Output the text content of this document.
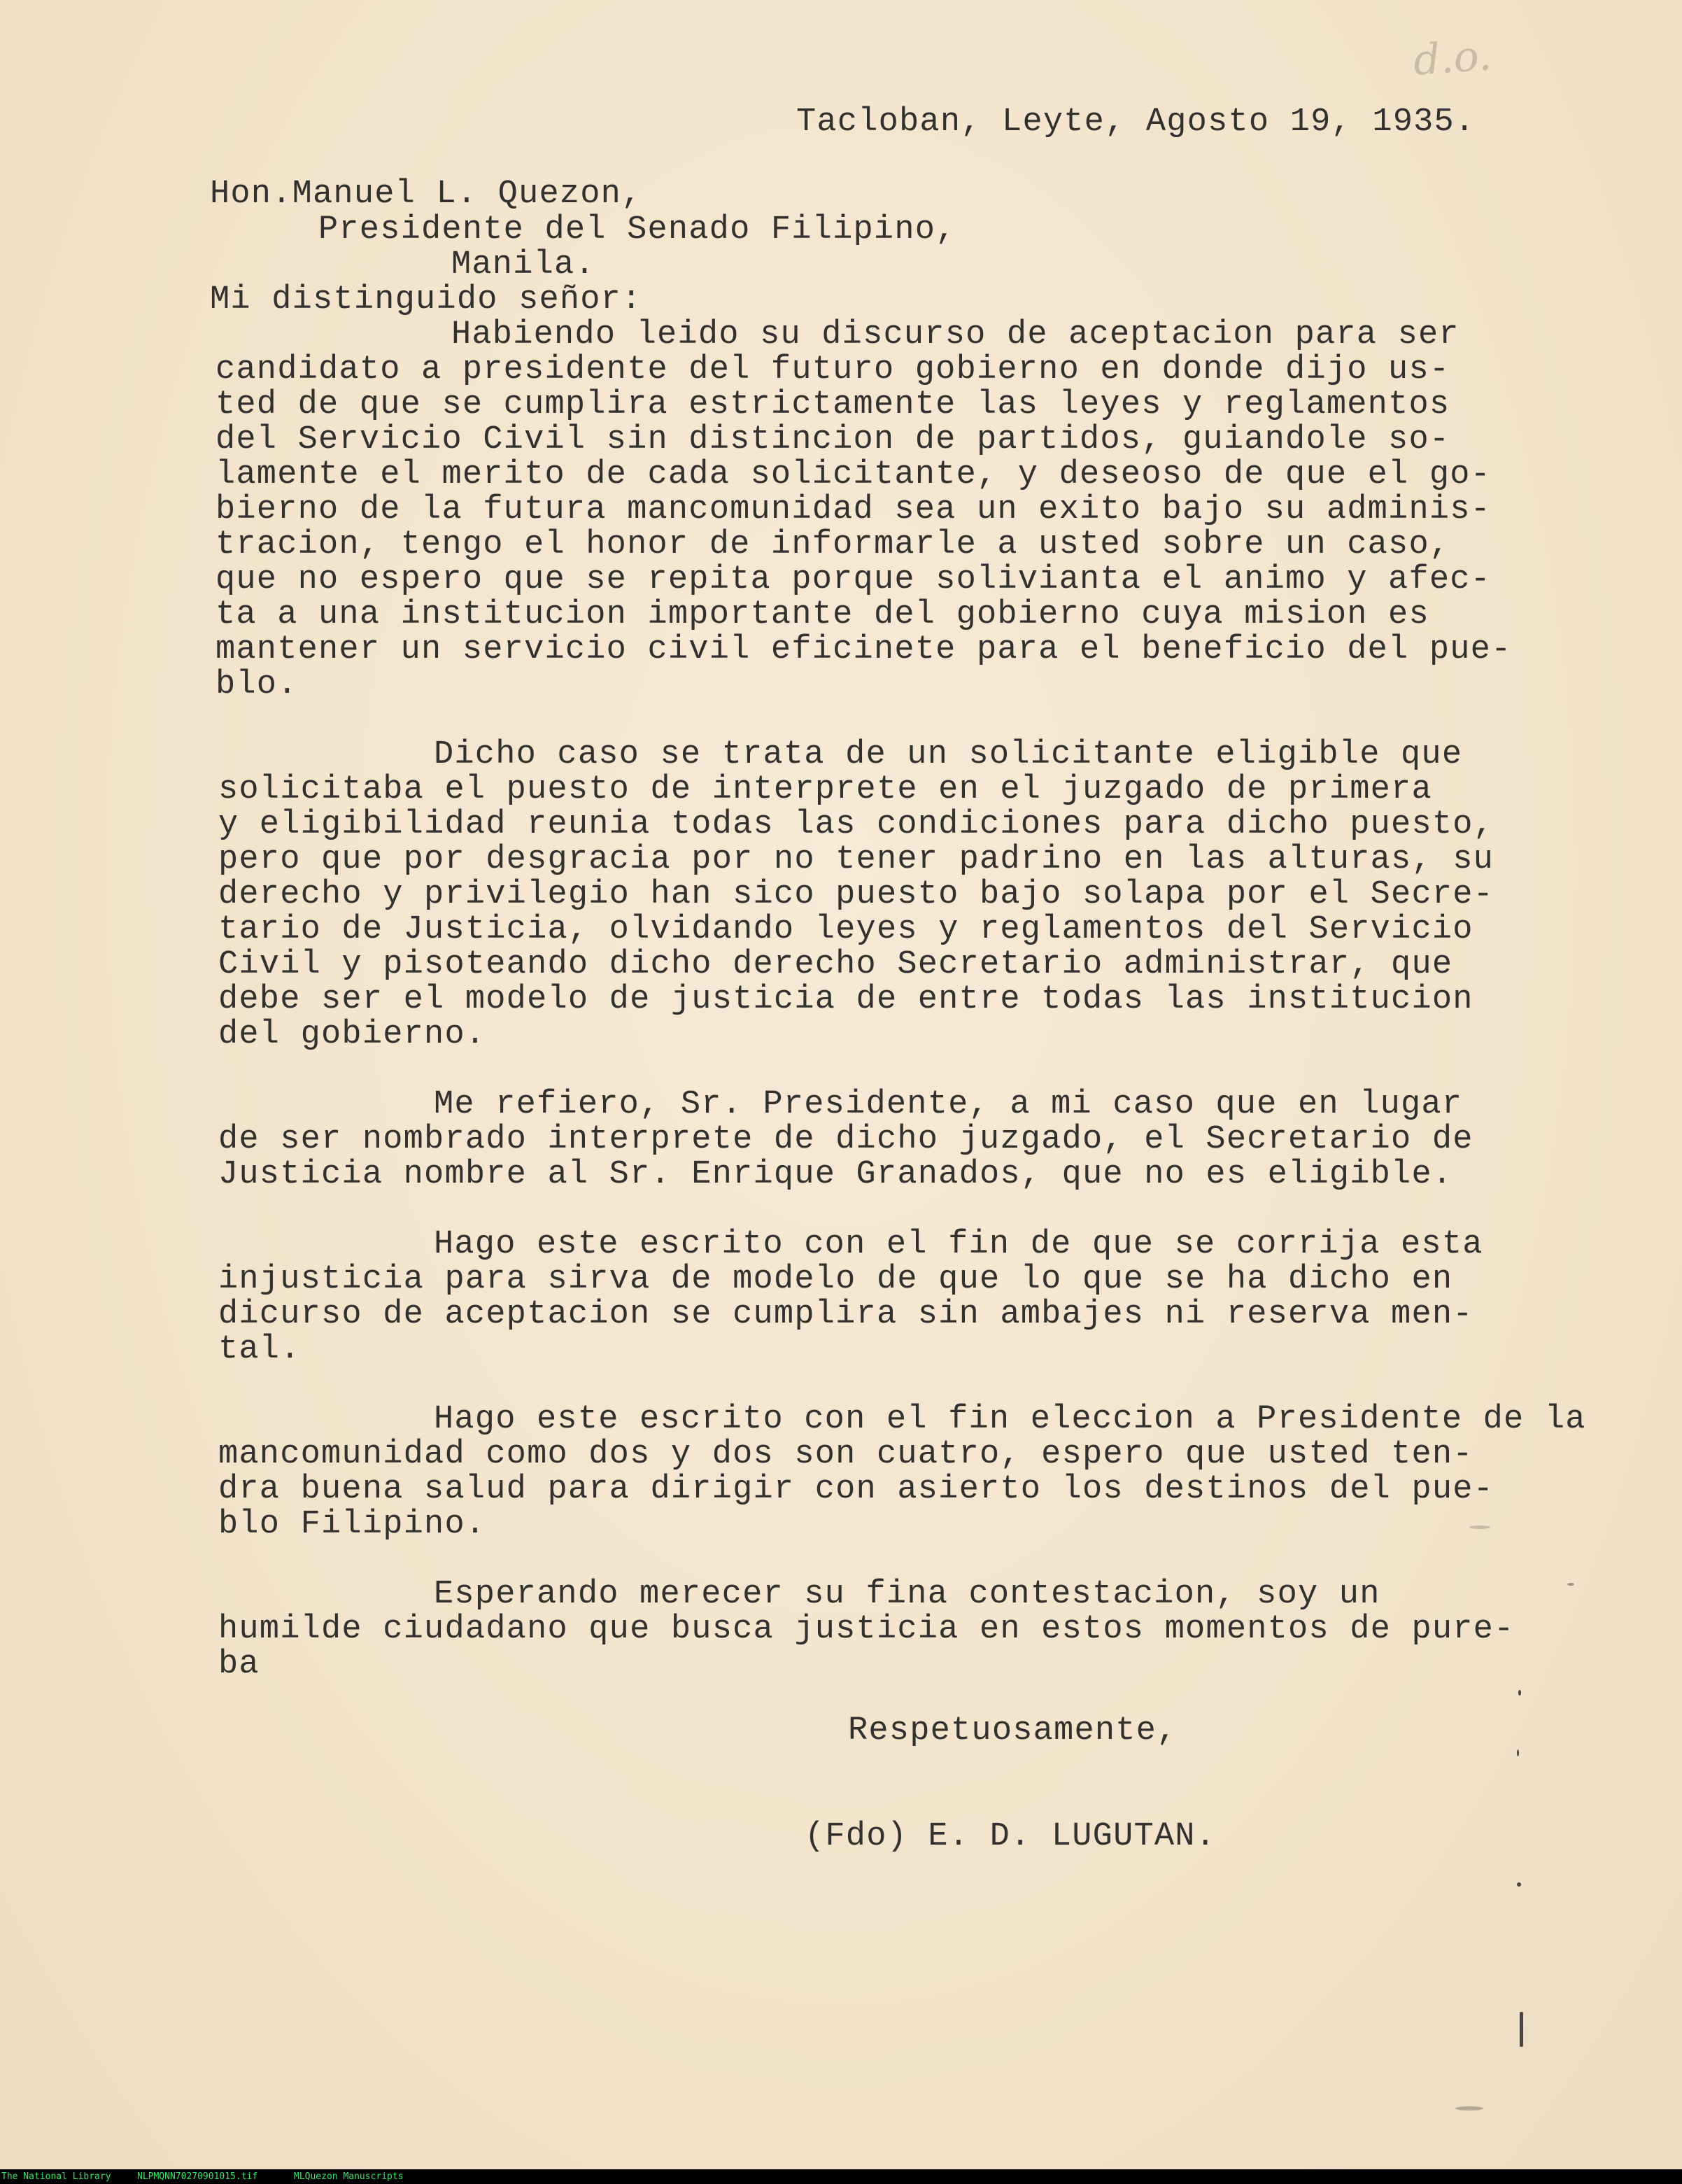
d.o.
Tacloban, Leyte, Agosto 19, 1935.
Hon.Manuel L. Quezon,
Presidente del Senado Filipino,
Manila.
Mi distinguido señor:
Habiendo leido su discurso de aceptacion para ser
candidato a presidente del futuro gobierno en donde dijo us-
ted de que se cumplira estrictamente las leyes y reglamentos
del Servicio Civil sin distincion de partidos, guiandole so-
lamente el merito de cada solicitante, y deseoso de que el go-
bierno de la futura mancomunidad sea un exito bajo su adminis-
tracion, tengo el honor de informarle a usted sobre un caso,
que no espero que se repita porque solivianta el animo y afec-
ta a una institucion importante del gobierno cuya mision es
mantener un servicio civil eficinete para el beneficio del pue-
blo.
Dicho caso se trata de un solicitante eligible que
solicitaba el puesto de interprete en el juzgado de primera
y eligibilidad reunia todas las condiciones para dicho puesto,
pero que por desgracia por no tener padrino en las alturas, su
derecho y privilegio han sico puesto bajo solapa por el Secre-
tario de Justicia, olvidando leyes y reglamentos del Servicio
Civil y pisoteando dicho derecho Secretario administrar, que
debe ser el modelo de justicia de entre todas las institucion
del gobierno.
Me refiero, Sr. Presidente, a mi caso que en lugar
de ser nombrado interprete de dicho juzgado, el Secretario de
Justicia nombre al Sr. Enrique Granados, que no es eligible.
Hago este escrito con el fin de que se corrija esta
injusticia para sirva de modelo de que lo que se ha dicho en
dicurso de aceptacion se cumplira sin ambajes ni reserva men-
tal.
Hago este escrito con el fin eleccion a Presidente de la
mancomunidad como dos y dos son cuatro, espero que usted ten-
dra buena salud para dirigir con asierto los destinos del pue-
blo Filipino.
Esperando merecer su fina contestacion, soy un
humilde ciudadano que busca justicia en estos momentos de pure-
ba
Respetuosamente,
(Fdo) E. D. LUGUTAN.
The National Library	NLPMQNN70270901015.tif	MLQuezon Manuscripts
